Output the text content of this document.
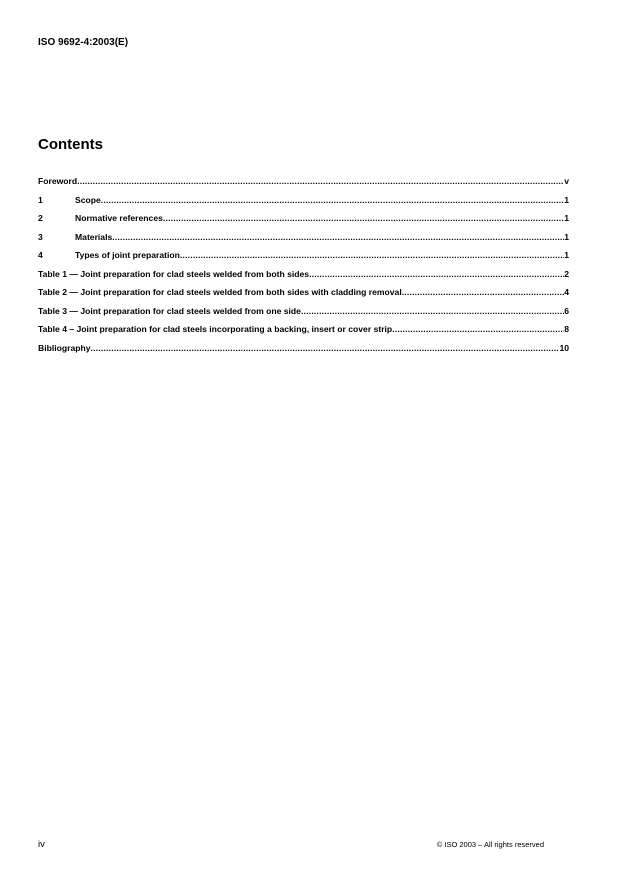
ISO 9692-4:2003(E)
Contents
Foreword .....	v
1	Scope .....	1
2	Normative references .....	1
3	Materials .....	1
4	Types of joint preparation .....	1
Table 1 — Joint preparation for clad steels welded from both sides .....	2
Table 2 — Joint preparation for clad steels welded from both sides with cladding removal .....	4
Table 3 — Joint preparation for clad steels welded from one side .....	6
Table 4 – Joint preparation for clad steels incorporating a backing, insert or cover strip .....	8
Bibliography .....	10
iv	© ISO 2003 – All rights reserved
